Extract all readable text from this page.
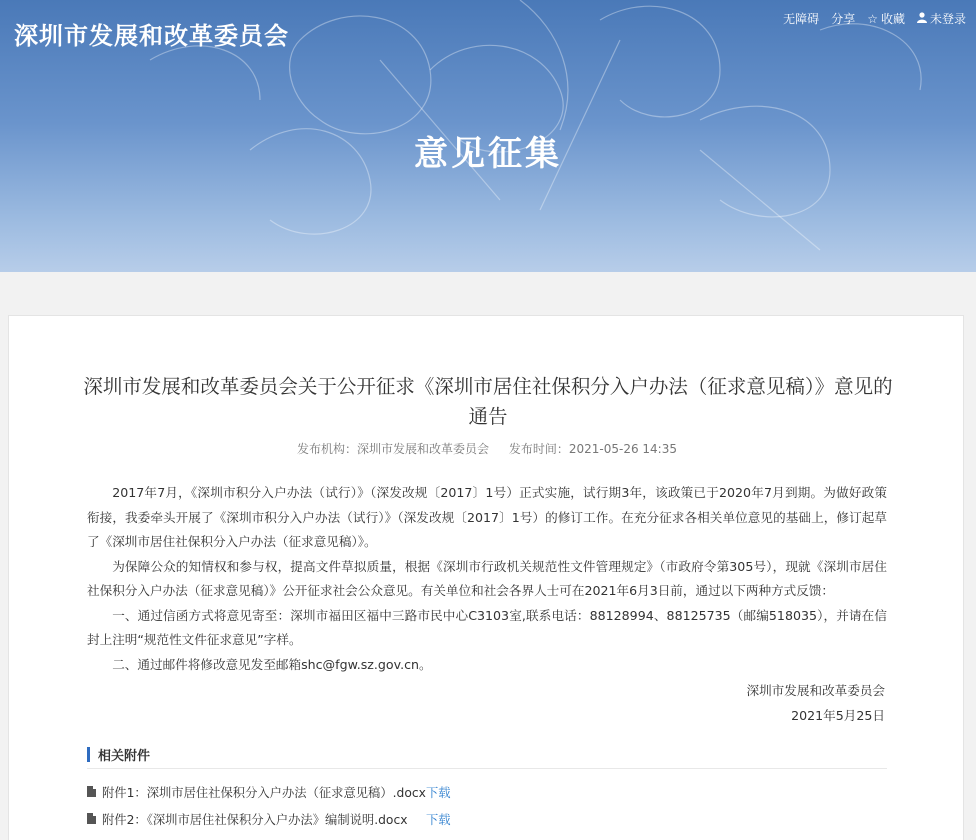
深圳市发展和改革委员会
无障碍 分享 ☆ 收藏 未登录
意见征集
深圳市发展和改革委员会关于公开征求《深圳市居住社保积分入户办法（征求意见稿）》意见的通告
发布机构：深圳市发展和改革委员会 发布时间：2021-05-26 14:35

2017年7月，《深圳市积分入户办法（试行）》（深发改规〔2017〕1号）正式实施，试行期3年，该政策已于2020年7月到期。为做好政策衔接，我委牵头开展了《深圳市积分入户办法（试行）》（深发改规〔2017〕1号）的修订工作。在充分征求各相关单位意见的基础上，修订起草了《深圳市居住社保积分入户办法（征求意见稿）》。

为保障公众的知情权和参与权，提高文件草拟质量，根据《深圳市行政机关规范性文件管理规定》（市政府令第305号），现就《深圳市居住社保积分入户办法（征求意见稿）》公开征求社会公众意见。有关单位和社会各界人士可在2021年6月3日前，通过以下两种方式反馈：

一、通过信函方式将意见寄至：深圳市福田区福中三路市民中心C3103室,联系电话：88128994、88125735（邮编518035），并请在信封上注明“规范性文件征求意见”字样。

二、通过邮件将修改意见发至邮箱shc@fgw.sz.gov.cn。

深圳市发展和改革委员会
2021年5月25日
相关附件
附件1：深圳市居住社保积分入户办法（征求意见稿）.docx 下载
附件2：《深圳市居住社保积分入户办法》编制说明.docx	下载
